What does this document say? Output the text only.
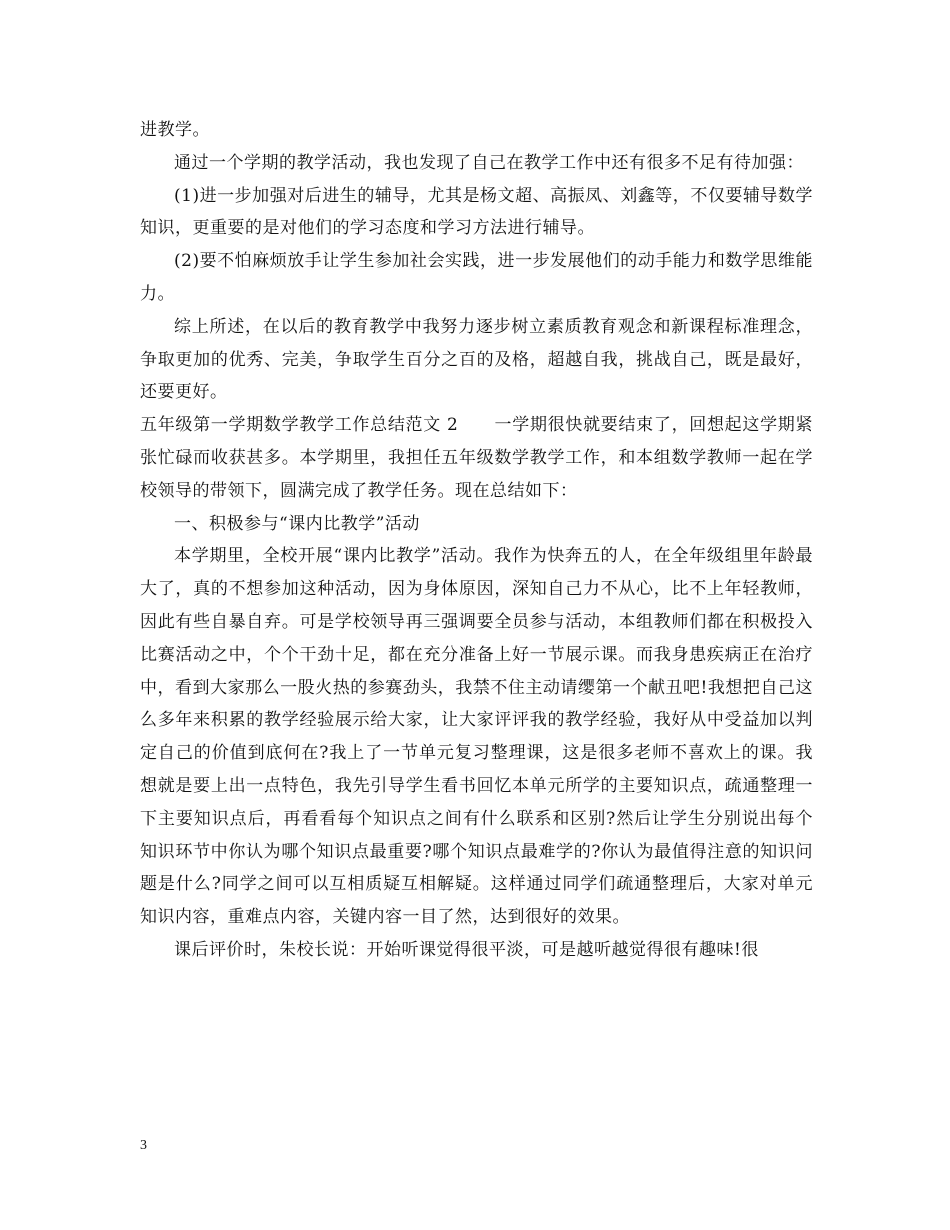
进教学。

通过一个学期的教学活动，我也发现了自己在教学工作中还有很多不足有待加强：

(1)进一步加强对后进生的辅导，尤其是杨文超、高振凤、刘鑫等，不仅要辅导数学知识，更重要的是对他们的学习态度和学习方法进行辅导。

(2)要不怕麻烦放手让学生参加社会实践，进一步发展他们的动手能力和数学思维能力。

综上所述，在以后的教育教学中我努力逐步树立素质教育观念和新课程标准理念，争取更加的优秀、完美，争取学生百分之百的及格，超越自我，挑战自己，既是最好，还要更好。

五年级第一学期数学教学工作总结范文 2 一学期很快就要结束了，回想起这学期紧张忙碌而收获甚多。本学期里，我担任五年级数学教学工作，和本组数学教师一起在学校领导的带领下，圆满完成了教学任务。现在总结如下：

一、积极参与“课内比教学”活动

本学期里，全校开展“课内比教学”活动。我作为快奔五的人，在全年级组里年龄最大了，真的不想参加这种活动，因为身体原因，深知自己力不从心，比不上年轻教师，因此有些自暴自弃。可是学校领导再三强调要全员参与活动，本组教师们都在积极投入比赛活动之中，个个干劲十足，都在充分准备上好一节展示课。而我身患疾病正在治疗中，看到大家那么一股火热的参赛劲头，我禁不住主动请缨第一个献丑吧!我想把自己这么多年来积累的教学经验展示给大家，让大家评评我的教学经验，我好从中受益加以判定自己的价值到底何在?我上了一节单元复习整理课，这是很多老师不喜欢上的课。我想就是要上出一点特色，我先引导学生看书回忆本单元所学的主要知识点，疏通整理一下主要知识点后，再看看每个知识点之间有什么联系和区别?然后让学生分别说出每个知识环节中你认为哪个知识点最重要?哪个知识点最难学的?你认为最值得注意的知识问题是什么?同学之间可以互相质疑互相解疑。这样通过同学们疏通整理后，大家对单元知识内容，重难点内容，关键内容一目了然，达到很好的效果。

课后评价时，朱校长说：开始听课觉得很平淡，可是越听越觉得很有趣味!很

3
